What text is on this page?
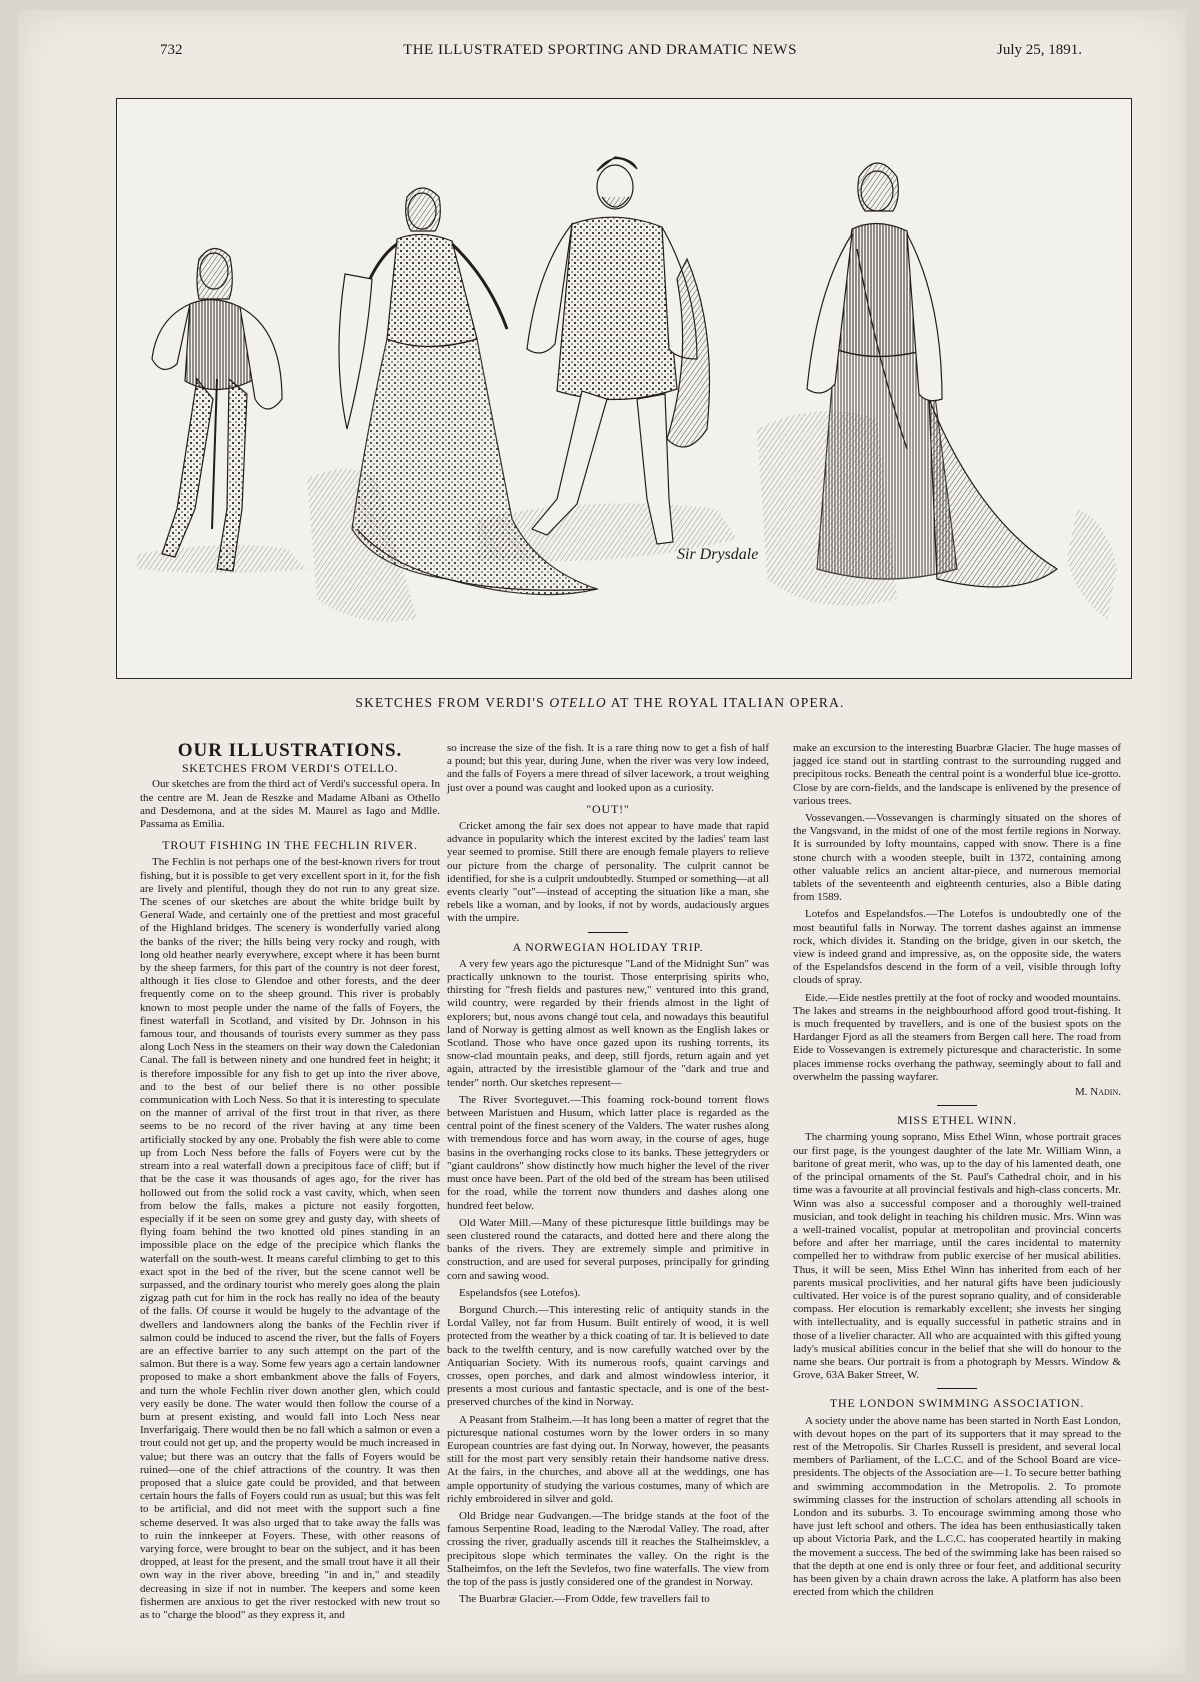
732	THE ILLUSTRATED SPORTING AND DRAMATIC NEWS	July 25, 1891.
Sir Drysdale
SKETCHES FROM VERDI'S OTELLO AT THE ROYAL ITALIAN OPERA.
OUR ILLUSTRATIONS.
SKETCHES FROM VERDI'S OTELLO.

Our sketches are from the third act of Verdi's successful opera. In the centre are M. Jean de Reszke and Madame Albani as Othello and Desdemona, and at the sides M. Maurel as Iago and Mdlle. Passama as Emilia.

TROUT FISHING IN THE FECHLIN RIVER.

The Fechlin is not perhaps one of the best-known rivers for trout fishing, but it is possible to get very excellent sport in it, for the fish are lively and plentiful, though they do not run to any great size. The scenes of our sketches are about the white bridge built by General Wade, and certainly one of the prettiest and most graceful of the Highland bridges. The scenery is wonderfully varied along the banks of the river; the hills being very rocky and rough, with long old heather nearly everywhere, except where it has been burnt by the sheep farmers, for this part of the country is not deer forest, although it lies close to Glendoe and other forests, and the deer frequently come on to the sheep ground. This river is probably known to most people under the name of the falls of Foyers, the finest waterfall in Scotland, and visited by Dr. Johnson in his famous tour, and thousands of tourists every summer as they pass along Loch Ness in the steamers on their way down the Caledonian Canal. The fall is between ninety and one hundred feet in height; it is therefore impossible for any fish to get up into the river above, and to the best of our belief there is no other possible communication with Loch Ness. So that it is interesting to speculate on the manner of arrival of the first trout in that river, as there seems to be no record of the river having at any time been artificially stocked by any one. Probably the fish were able to come up from Loch Ness before the falls of Foyers were cut by the stream into a real waterfall down a precipitous face of cliff; but if that be the case it was thousands of ages ago, for the river has hollowed out from the solid rock a vast cavity, which, when seen from below the falls, makes a picture not easily forgotten, especially if it be seen on some grey and gusty day, with sheets of flying foam behind the two knotted old pines standing in an impossible place on the edge of the precipice which flanks the waterfall on the south-west. It means careful climbing to get to this exact spot in the bed of the river, but the scene cannot well be surpassed, and the ordinary tourist who merely goes along the plain zigzag path cut for him in the rock has really no idea of the beauty of the falls. Of course it would be hugely to the advantage of the dwellers and landowners along the banks of the Fechlin river if salmon could be induced to ascend the river, but the falls of Foyers are an effective barrier to any such attempt on the part of the salmon. But there is a way. Some few years ago a certain landowner proposed to make a short embankment above the falls of Foyers, and turn the whole Fechlin river down another glen, which could very easily be done. The water would then follow the course of a burn at present existing, and would fall into Loch Ness near Inverfarigaig. There would then be no fall which a salmon or even a trout could not get up, and the property would be much increased in value; but there was an outcry that the falls of Foyers would be ruined—one of the chief attractions of the country. It was then proposed that a sluice gate could be provided, and that between certain hours the falls of Foyers could run as usual; but this was felt to be artificial, and did not meet with the support such a fine scheme deserved. It was also urged that to take away the falls was to ruin the innkeeper at Foyers. These, with other reasons of varying force, were brought to bear on the subject, and it has been dropped, at least for the present, and the small trout have it all their own way in the river above, breeding "in and in," and steadily decreasing in size if not in number. The keepers and some keen fishermen are anxious to get the river restocked with new trout so as to "charge the blood" as they express it, and

so increase the size of the fish. It is a rare thing now to get a fish of half a pound; but this year, during June, when the river was very low indeed, and the falls of Foyers a mere thread of silver lacework, a trout weighing just over a pound was caught and looked upon as a curiosity.

"OUT!"

Cricket among the fair sex does not appear to have made that rapid advance in popularity which the interest excited by the ladies' team last year seemed to promise. Still there are enough female players to relieve our picture from the charge of personality. The culprit cannot be identified, for she is a culprit undoubtedly. Stumped or something—at all events clearly "out"—instead of accepting the situation like a man, she rebels like a woman, and by looks, if not by words, audaciously argues with the umpire.

A NORWEGIAN HOLIDAY TRIP.

A very few years ago the picturesque "Land of the Midnight Sun" was practically unknown to the tourist. Those enterprising spirits who, thirsting for "fresh fields and pastures new," ventured into this grand, wild country, were regarded by their friends almost in the light of explorers; but, nous avons changé tout cela, and nowadays this beautiful land of Norway is getting almost as well known as the English lakes or Scotland. Those who have once gazed upon its rushing torrents, its snow-clad mountain peaks, and deep, still fjords, return again and yet again, attracted by the irresistible glamour of the "dark and true and tender" north. Our sketches represent—

The River Svorteguvet.—This foaming rock-bound torrent flows between Maristuen and Husum, which latter place is regarded as the central point of the finest scenery of the Valders. The water rushes along with tremendous force and has worn away, in the course of ages, huge basins in the overhanging rocks close to its banks. These jettegryders or "giant cauldrons" show distinctly how much higher the level of the river must once have been. Part of the old bed of the stream has been utilised for the road, while the torrent now thunders and dashes along one hundred feet below.

Old Water Mill.—Many of these picturesque little buildings may be seen clustered round the cataracts, and dotted here and there along the banks of the rivers. They are extremely simple and primitive in construction, and are used for several purposes, principally for grinding corn and sawing wood.

Espelandsfos (see Lotefos).

Borgund Church.—This interesting relic of antiquity stands in the Lordal Valley, not far from Husum. Built entirely of wood, it is well protected from the weather by a thick coating of tar. It is believed to date back to the twelfth century, and is now carefully watched over by the Antiquarian Society. With its numerous roofs, quaint carvings and crosses, open porches, and dark and almost windowless interior, it presents a most curious and fantastic spectacle, and is one of the best-preserved churches of the kind in Norway.

A Peasant from Stalheim.—It has long been a matter of regret that the picturesque national costumes worn by the lower orders in so many European countries are fast dying out. In Norway, however, the peasants still for the most part very sensibly retain their handsome native dress. At the fairs, in the churches, and above all at the weddings, one has ample opportunity of studying the various costumes, many of which are richly embroidered in silver and gold.

Old Bridge near Gudvangen.—The bridge stands at the foot of the famous Serpentine Road, leading to the Nærodal Valley. The road, after crossing the river, gradually ascends till it reaches the Stalheimsklev, a precipitous slope which terminates the valley. On the right is the Stalheimfos, on the left the Sevlefos, two fine waterfalls. The view from the top of the pass is justly considered one of the grandest in Norway.

The Buarbræ Glacier.—From Odde, few travellers fail to

make an excursion to the interesting Buarbræ Glacier. The huge masses of jagged ice stand out in startling contrast to the surrounding rugged and precipitous rocks. Beneath the central point is a wonderful blue ice-grotto. Close by are corn-fields, and the landscape is enlivened by the presence of various trees.

Vossevangen.—Vossevangen is charmingly situated on the shores of the Vangsvand, in the midst of one of the most fertile regions in Norway. It is surrounded by lofty mountains, capped with snow. There is a fine stone church with a wooden steeple, built in 1372, containing among other valuable relics an ancient altar-piece, and numerous memorial tablets of the seventeenth and eighteenth centuries, also a Bible dating from 1589.

Lotefos and Espelandsfos.—The Lotefos is undoubtedly one of the most beautiful falls in Norway. The torrent dashes against an immense rock, which divides it. Standing on the bridge, given in our sketch, the view is indeed grand and impressive, as, on the opposite side, the waters of the Espelandsfos descend in the form of a veil, visible through lofty clouds of spray.

Eide.—Eide nestles prettily at the foot of rocky and wooded mountains. The lakes and streams in the neighbourhood afford good trout-fishing. It is much frequented by travellers, and is one of the busiest spots on the Hardanger Fjord as all the steamers from Bergen call here. The road from Eide to Vossevangen is extremely picturesque and characteristic. In some places immense rocks overhang the pathway, seemingly about to fall and overwhelm the passing wayfarer.

M. Nadin.
MISS ETHEL WINN.

The charming young soprano, Miss Ethel Winn, whose portrait graces our first page, is the youngest daughter of the late Mr. William Winn, a baritone of great merit, who was, up to the day of his lamented death, one of the principal ornaments of the St. Paul's Cathedral choir, and in his time was a favourite at all provincial festivals and high-class concerts. Mr. Winn was also a successful composer and a thoroughly well-trained musician, and took delight in teaching his children music. Mrs. Winn was a well-trained vocalist, popular at metropolitan and provincial concerts before and after her marriage, until the cares incidental to maternity compelled her to withdraw from public exercise of her musical abilities. Thus, it will be seen, Miss Ethel Winn has inherited from each of her parents musical proclivities, and her natural gifts have been judiciously cultivated. Her voice is of the purest soprano quality, and of considerable compass. Her elocution is remarkably excellent; she invests her singing with intellectuality, and is equally successful in pathetic strains and in those of a livelier character. All who are acquainted with this gifted young lady's musical abilities concur in the belief that she will do honour to the name she bears. Our portrait is from a photograph by Messrs. Window & Grove, 63A Baker Street, W.

THE LONDON SWIMMING ASSOCIATION.

A society under the above name has been started in North East London, with devout hopes on the part of its supporters that it may spread to the rest of the Metropolis. Sir Charles Russell is president, and several local members of Parliament, of the L.C.C. and of the School Board are vice-presidents. The objects of the Association are—1. To secure better bathing and swimming accommodation in the Metropolis. 2. To promote swimming classes for the instruction of scholars attending all schools in London and its suburbs. 3. To encourage swimming among those who have just left school and others. The idea has been enthusiastically taken up about Victoria Park, and the L.C.C. has cooperated heartily in making the movement a success. The bed of the swimming lake has been raised so that the depth at one end is only three or four feet, and additional security has been given by a chain drawn across the lake. A platform has also been erected from which the children
